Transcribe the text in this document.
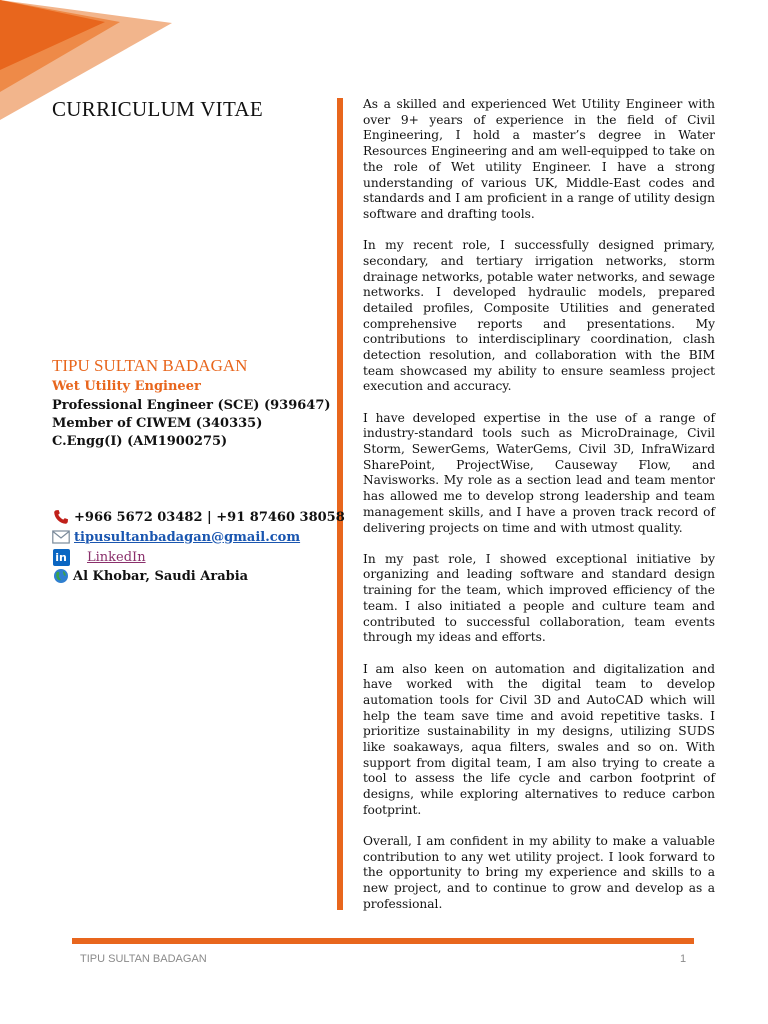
CURRICULUM VITAE
TIPU SULTAN BADAGAN
Wet Utility Engineer
Professional Engineer (SCE) (939647)
Member of CIWEM (340335)
C.Engg(I) (AM1900275)
+966 5672 03482 | +91 87460 38058
tipusultanbadagan@gmail.com
in LinkedIn
Al Khobar, Saudi Arabia

As a skilled and experienced Wet Utility Engineer with over 9+ years of experience in the field of Civil Engineering, I hold a master’s degree in Water Resources Engineering and am well-equipped to take on the role of Wet utility Engineer. I have a strong understanding of various UK, Middle-East codes and standards and I am proficient in a range of utility design software and drafting tools.

In my recent role, I successfully designed primary, secondary, and tertiary irrigation networks, storm drainage networks, potable water networks, and sewage networks. I developed hydraulic models, prepared detailed profiles, Composite Utilities and generated comprehensive reports and presentations. My contributions to interdisciplinary coordination, clash detection resolution, and collaboration with the BIM team showcased my ability to ensure seamless project execution and accuracy.

I have developed expertise in the use of a range of industry-standard tools such as MicroDrainage, Civil Storm, SewerGems, WaterGems, Civil 3D, InfraWizard SharePoint, ProjectWise, Causeway Flow, and Navisworks. My role as a section lead and team mentor has allowed me to develop strong leadership and team management skills, and I have a proven track record of delivering projects on time and with utmost quality.

In my past role, I showed exceptional initiative by organizing and leading software and standard design training for the team, which improved efficiency of the team. I also initiated a people and culture team and contributed to successful collaboration, team events through my ideas and efforts.

I am also keen on automation and digitalization and have worked with the digital team to develop automation tools for Civil 3D and AutoCAD which will help the team save time and avoid repetitive tasks. I prioritize sustainability in my designs, utilizing SUDS like soakaways, aqua filters, swales and so on. With support from digital team, I am also trying to create a tool to assess the life cycle and carbon footprint of designs, while exploring alternatives to reduce carbon footprint.

Overall, I am confident in my ability to make a valuable contribution to any wet utility project. I look forward to the opportunity to bring my experience and skills to a new project, and to continue to grow and develop as a professional.

TIPU SULTAN BADAGAN	1
